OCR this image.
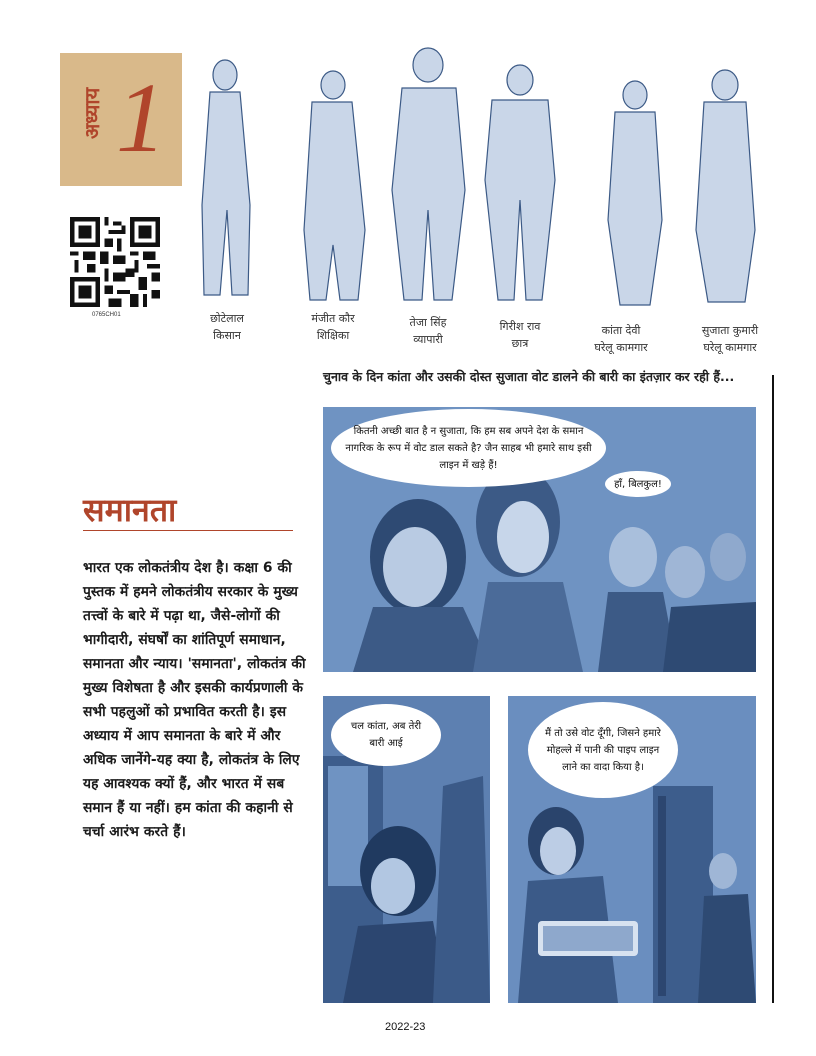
अध्याय 1
0765CH01	छोटेलाल
किसान
मंजीत कौर
शिक्षिका
तेजा सिंह
व्यापारी
गिरीश राव
छात्र
कांता देवी
घरेलू कामगार
सुजाता कुमारी
घरेलू कामगार
चुनाव के दिन कांता और उसकी दोस्त सुजाता वोट डालने की बारी का इंतज़ार कर रही हैं...
समानता
भारत एक लोकतंत्रीय देश है। कक्षा 6 की पुस्तक में हमने लोकतंत्रीय सरकार के मुख्य तत्त्वों के बारे में पढ़ा था, जैसे-लोगों की भागीदारी, संघर्षों का शांतिपूर्ण समाधान, समानता और न्याय। 'समानता', लोकतंत्र की मुख्य विशेषता है और इसकी कार्यप्रणाली के सभी पहलुओं को प्रभावित करती है। इस अध्याय में आप समानता के बारे में और अधिक जानेंगे-यह क्या है, लोकतंत्र के लिए यह आवश्यक क्यों हैं, और भारत में सब समान हैं या नहीं। हम कांता की कहानी से चर्चा आरंभ करते हैं।
कितनी अच्छी बात है न सुजाता, कि हम सब अपने देश के समान नागरिक के रूप में वोट डाल सकते है? जैन साहब भी हमारे साथ इसी लाइन में खड़े हैं!
हाँ, बिलकुल!
चल कांता, अब तेरी बारी आई
मैं तो उसे वोट दूँगी, जिसने हमारे मोहल्ले में पानी की पाइप लाइन लाने का वादा किया है।
2022-23
